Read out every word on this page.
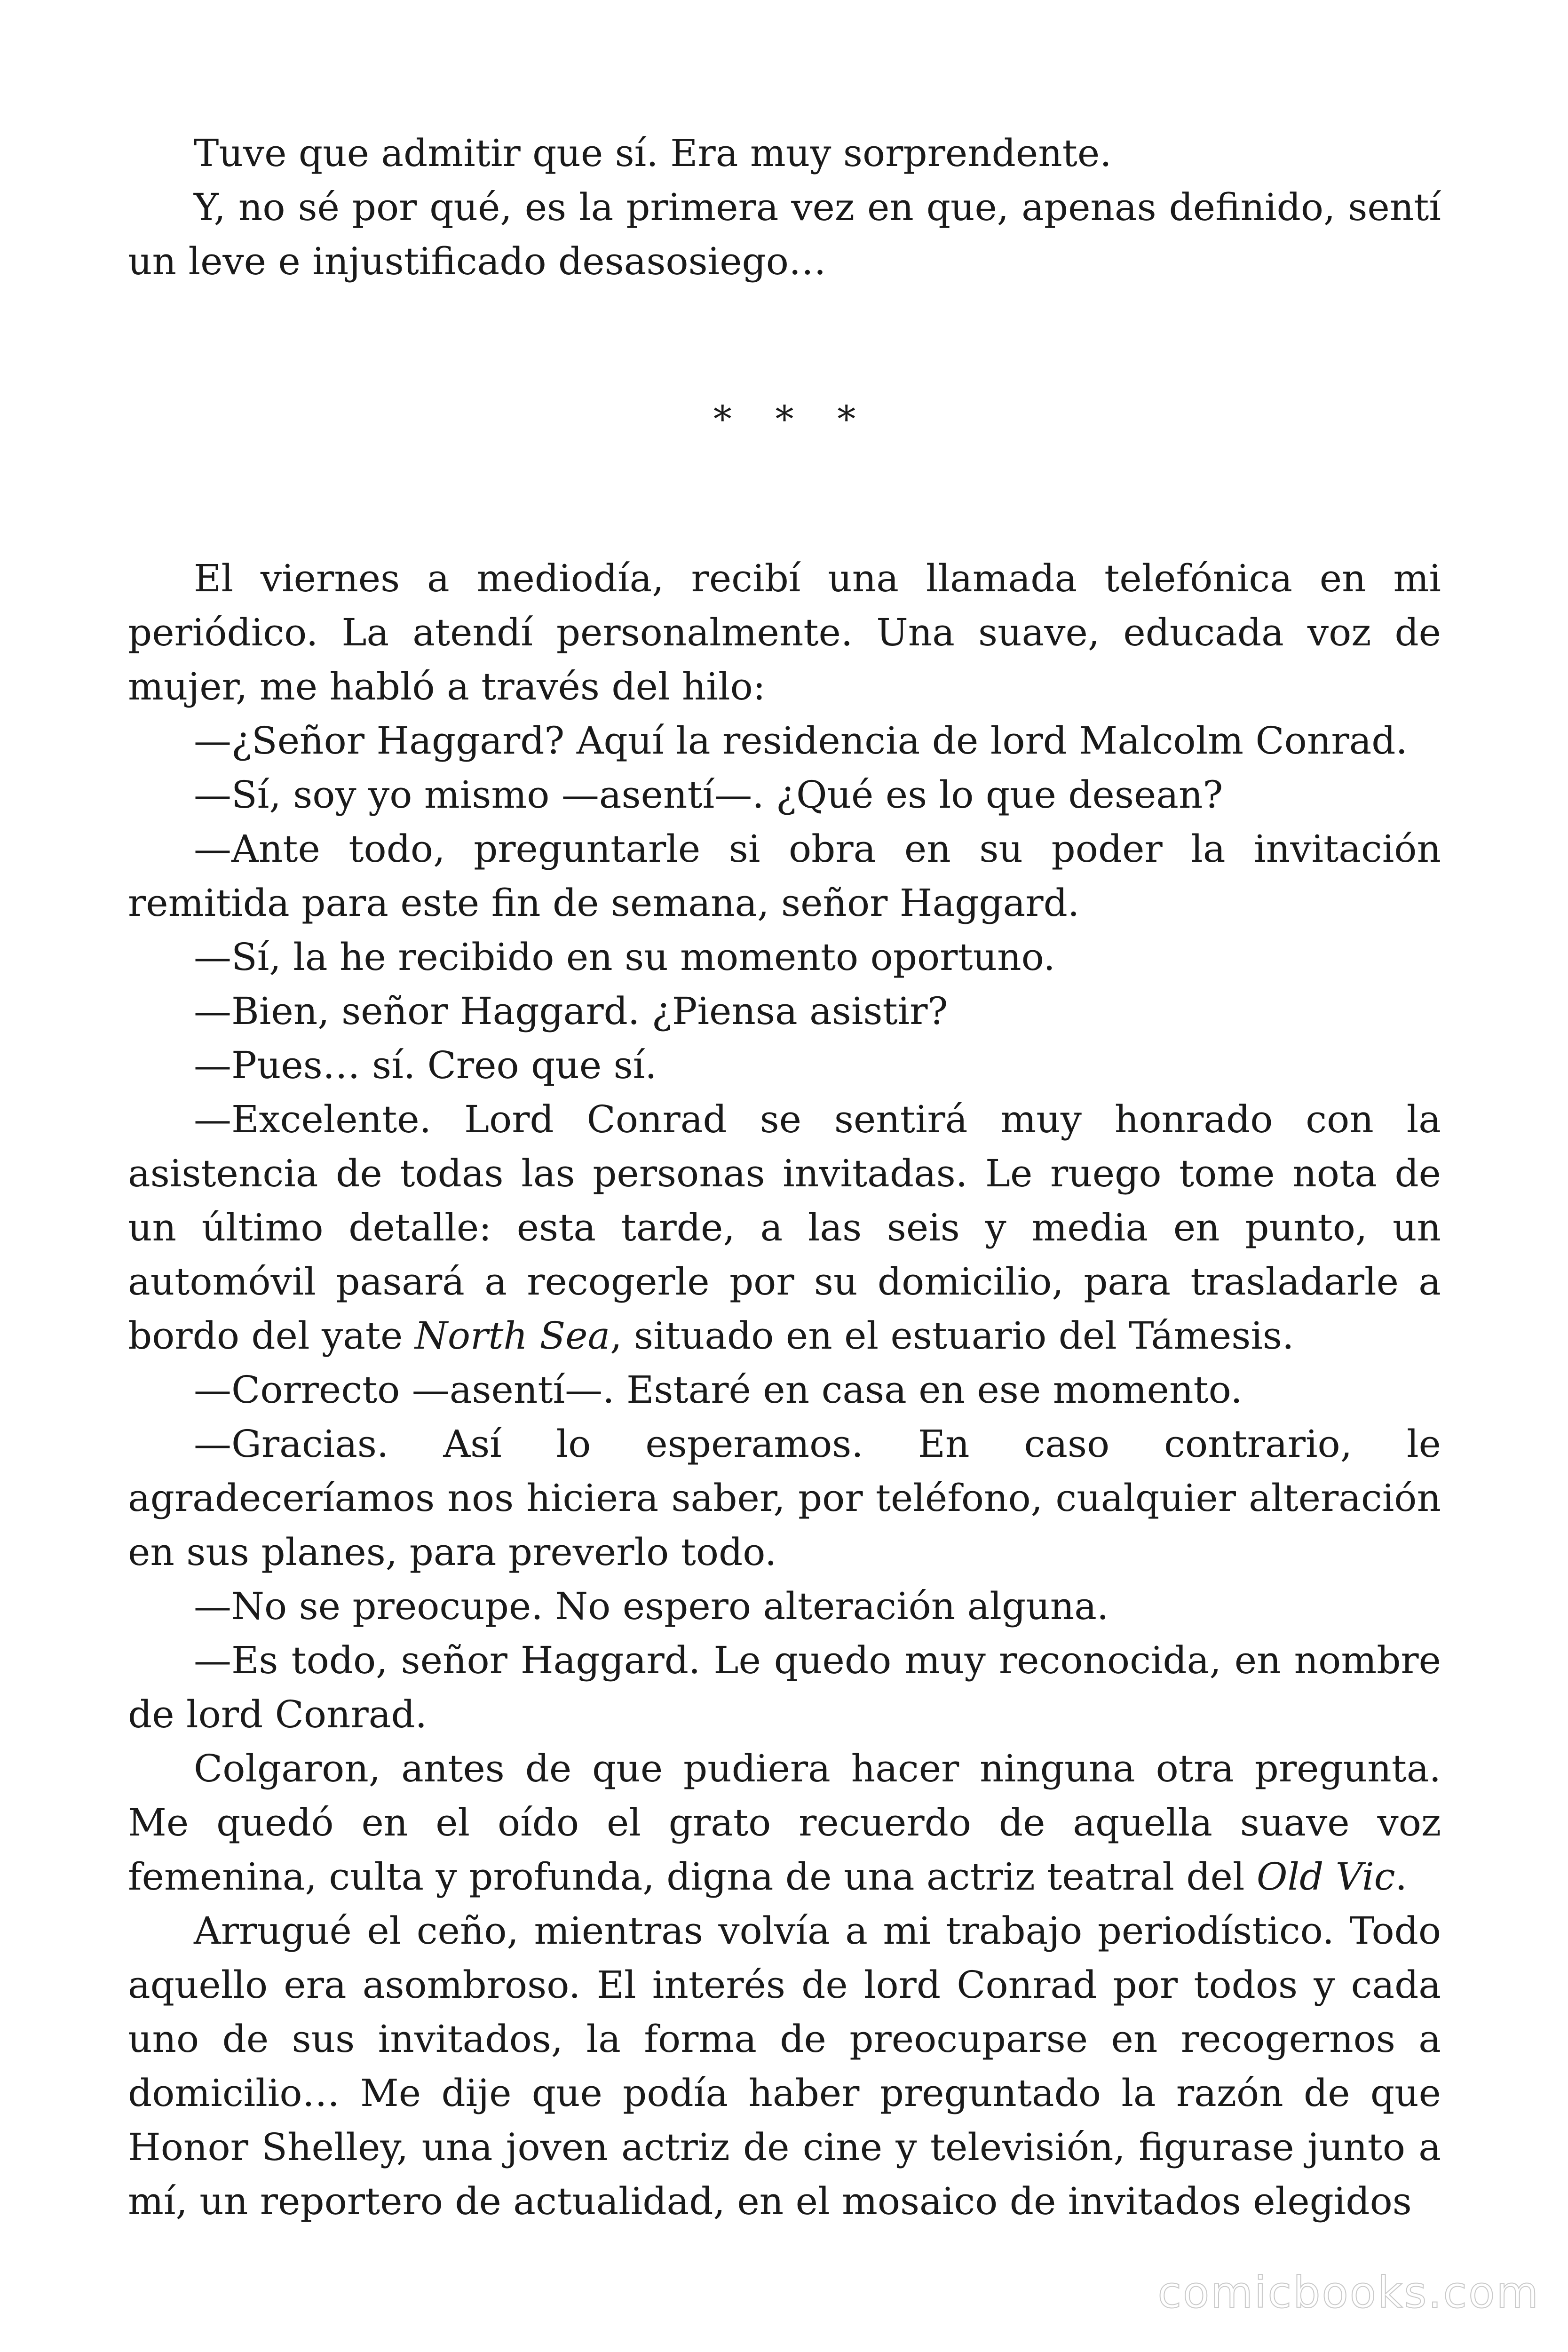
Tuve que admitir que sí. Era muy sorprendente.

Y, no sé por qué, es la primera vez en que, apenas definido, sentí un leve e injustificado desasosiego…

* * *

El viernes a mediodía, recibí una llamada telefónica en mi periódico. La atendí personalmente. Una suave, educada voz de mujer, me habló a través del hilo:

—¿Señor Haggard? Aquí la residencia de lord Malcolm Conrad.

—Sí, soy yo mismo —asentí—. ¿Qué es lo que desean?

—Ante todo, preguntarle si obra en su poder la invitación remitida para este fin de semana, señor Haggard.

—Sí, la he recibido en su momento oportuno.

—Bien, señor Haggard. ¿Piensa asistir?

—Pues… sí. Creo que sí.

—Excelente. Lord Conrad se sentirá muy honrado con la asistencia de todas las personas invitadas. Le ruego tome nota de un último detalle: esta tarde, a las seis y media en punto, un automóvil pasará a recogerle por su domicilio, para trasladarle a bordo del yate North Sea, situado en el estuario del Támesis.

—Correcto —asentí—. Estaré en casa en ese momento.

—Gracias. Así lo esperamos. En caso contrario, le agradeceríamos nos hiciera saber, por teléfono, cualquier alteración en sus planes, para preverlo todo.

—No se preocupe. No espero alteración alguna.

—Es todo, señor Haggard. Le quedo muy reconocida, en nombre de lord Conrad.

Colgaron, antes de que pudiera hacer ninguna otra pregunta. Me quedó en el oído el grato recuerdo de aquella suave voz femenina, culta y profunda, digna de una actriz teatral del Old Vic.

Arrugué el ceño, mientras volvía a mi trabajo periodístico. Todo aquello era asombroso. El interés de lord Conrad por todos y cada uno de sus invitados, la forma de preocuparse en recogernos a domicilio… Me dije que podía haber preguntado la razón de que Honor Shelley, una joven actriz de cine y televisión, figurase junto a mí, un reportero de actualidad, en el mosaico de invitados elegidos

comicbooks.com
